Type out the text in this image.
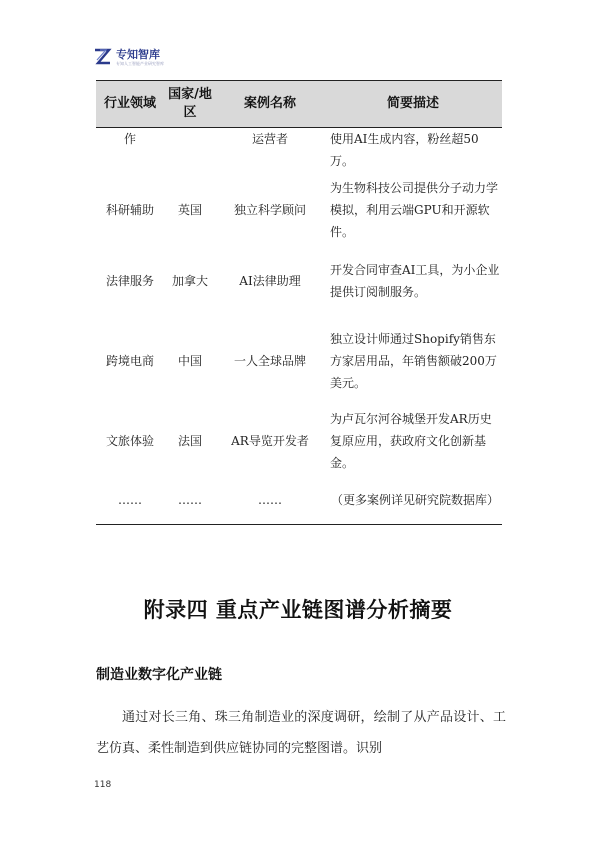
专知智库
专知人工智能产业研究智库
行业领域	国家/地区	案例名称	简要描述
作		运营者	使用AI生成内容，粉丝超50万。
科研辅助	英国	独立科学顾问	为生物科技公司提供分子动力学模拟，利用云端GPU和开源软件。
法律服务	加拿大	AI法律助理	开发合同审查AI工具，为小企业提供订阅制服务。
跨境电商	中国	一人全球品牌	独立设计师通过Shopify销售东方家居用品，年销售额破200万美元。
文旅体验	法国	AR导览开发者	为卢瓦尔河谷城堡开发AR历史复原应用，获政府文化创新基金。
……	……	……	（更多案例详见研究院数据库）
附录四 重点产业链图谱分析摘要
制造业数字化产业链
通过对长三角、珠三角制造业的深度调研，绘制了从产品设计、工艺仿真、柔性制造到供应链协同的完整图谱。识别
118
